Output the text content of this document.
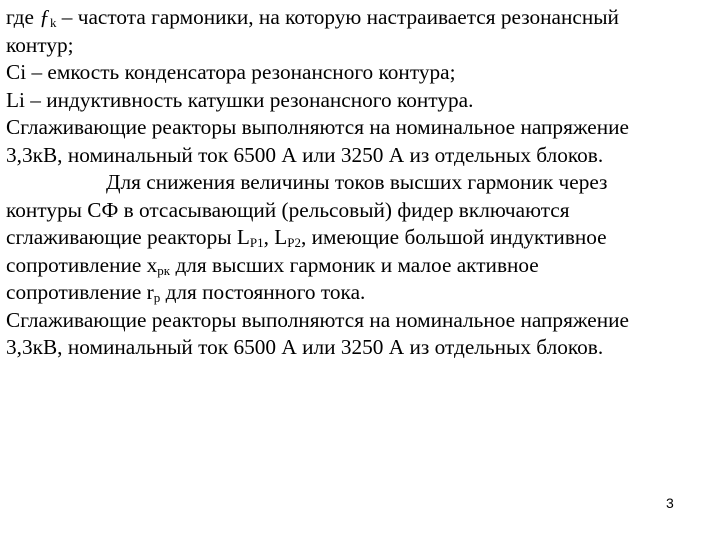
где $ƒ_k$ – частота гармоники, на которую настраивается резонансный
контур;
Ci – емкость конденсатора резонансного контура;
Li – индуктивность катушки резонансного контура.
Сглаживающие реакторы выполняются на номинальное напряжение
3,3кВ, номинальный ток 6500 А или 3250 А из отдельных блоков.
Для снижения величины токов высших гармоник через
контуры СФ в отсасывающий (рельсовый) фидер включаются
сглаживающие реакторы $L_{P1}$, $L_{P2}$, имеющие большой индуктивное
сопротивление $x_{pк}$ для высших гармоник и малое активное
сопротивление $r_p$ для постоянного тока.
Сглаживающие реакторы выполняются на номинальное напряжение
3,3кВ, номинальный ток 6500 А или 3250 А из отдельных блоков.
3
